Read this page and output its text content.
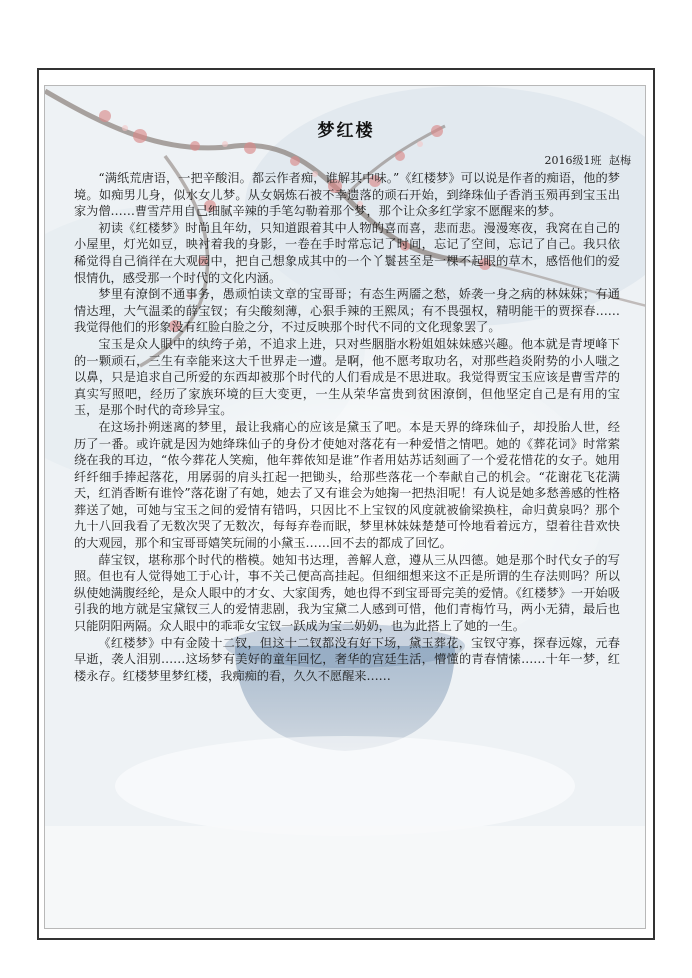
梦红楼
2016级1班 赵梅

“满纸荒唐语，一把辛酸泪。都云作者痴，谁解其中味。”《红楼梦》可以说是作者的痴语，他的梦境。如痴男儿身，似水女儿梦。从女娲炼石被不幸遗落的顽石开始，到绛珠仙子香消玉殒再到宝玉出家为僧……曹雪芹用自己细腻辛辣的手笔勾勒着那个梦，那个让众多红学家不愿醒来的梦。

初读《红楼梦》时尚且年幼，只知道跟着其中人物的喜而喜，悲而悲。漫漫寒夜，我窝在自己的小屋里，灯光如豆，映衬着我的身影，一卷在手时常忘记了时间，忘记了空间，忘记了自己。我只依稀觉得自己徜徉在大观园中，把自己想象成其中的一个丫鬟甚至是一棵不起眼的草木，感悟他们的爱恨情仇，感受那一个时代的文化内涵。

梦里有潦倒不通事务，愚顽怕读文章的宝哥哥；有态生两靥之愁，娇袭一身之病的林妹妹；有通情达理，大气温柔的薛宝钗；有尖酸刻薄，心狠手辣的王熙凤；有不畏强权，精明能干的贾探春……我觉得他们的形象没有红脸白脸之分，不过反映那个时代不同的文化现象罢了。

宝玉是众人眼中的纨绔子弟，不追求上进，只对些胭脂水粉姐姐妹妹感兴趣。他本就是青埂峰下的一颗顽石，三生有幸能来这大千世界走一遭。是啊，他不愿考取功名，对那些趋炎附势的小人嗤之以鼻，只是追求自己所爱的东西却被那个时代的人们看成是不思进取。我觉得贾宝玉应该是曹雪芹的真实写照吧，经历了家族环境的巨大变更，一生从荣华富贵到贫困潦倒，但他坚定自己是有用的宝玉，是那个时代的奇珍异宝。

在这场扑朔迷离的梦里，最让我痛心的应该是黛玉了吧。本是天界的绛珠仙子，却投胎人世，经历了一番。或许就是因为她绛珠仙子的身份才使她对落花有一种爱惜之情吧。她的《葬花词》时常萦绕在我的耳边，“侬今葬花人笑痴，他年葬侬知是谁”作者用姑苏话刻画了一个爱花惜花的女子。她用纤纤细手捧起落花，用孱弱的肩头扛起一把锄头，给那些落花一个奉献自己的机会。“花谢花飞花满天，红消香断有谁怜”落花谢了有她，她去了又有谁会为她掬一把热泪呢！有人说是她多愁善感的性格葬送了她，可她与宝玉之间的爱情有错吗，只因比不上宝钗的风度就被偷梁换柱，命归黄泉吗？那个九十八回我看了无数次哭了无数次，每每弃卷而眠，梦里林妹妹楚楚可怜地看着远方，望着往昔欢快的大观园，那个和宝哥哥嬉笑玩闹的小黛玉……回不去的都成了回忆。

薛宝钗，堪称那个时代的楷模。她知书达理，善解人意，遵从三从四德。她是那个时代女子的写照。但也有人觉得她工于心计，事不关己便高高挂起。但细细想来这不正是所谓的生存法则吗？所以纵使她满腹经纶，是众人眼中的才女、大家闺秀，她也得不到宝哥哥完美的爱情。《红楼梦》一开始吸引我的地方就是宝黛钗三人的爱情悲剧，我为宝黛二人感到可惜，他们青梅竹马，两小无猜，最后也只能阴阳两隔。众人眼中的乖乖女宝钗一跃成为宝二奶奶，也为此搭上了她的一生。

《红楼梦》中有金陵十二钗，但这十二钗都没有好下场，黛玉葬花，宝钗守寡，探春远嫁，元春早逝，袭人泪别……这场梦有美好的童年回忆，奢华的宫廷生活，懵懂的青春情愫……十年一梦，红楼永存。红楼梦里梦红楼，我痴痴的看，久久不愿醒来……
